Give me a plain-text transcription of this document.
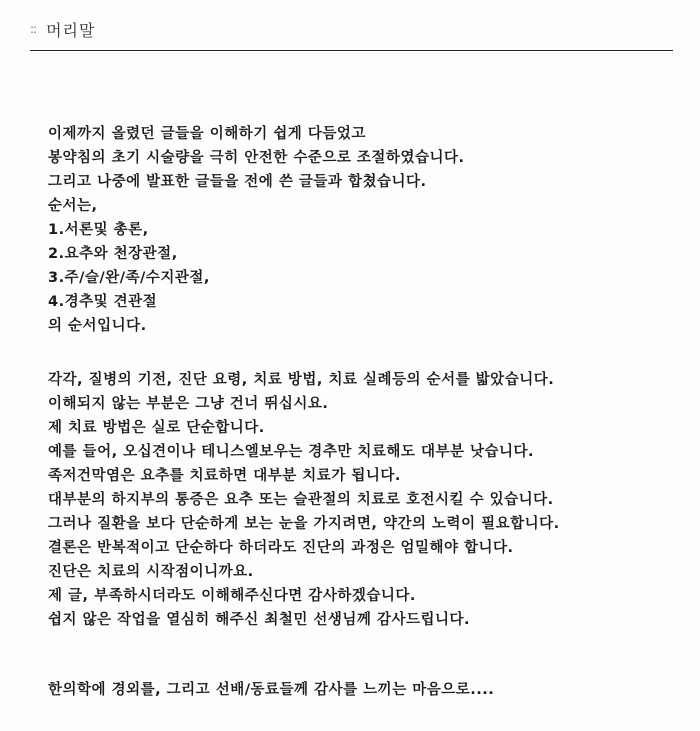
:: 머리말
이제까지 올렸던 글들을 이해하기 쉽게 다듬었고
봉약침의 초기 시술량을 극히 안전한 수준으로 조절하였습니다.
그리고 나중에 발표한 글들을 전에 쓴 글들과 합쳤습니다.
순서는,
1.서론및 총론,
2.요추와 천장관절,
3.주/슬/완/족/수지관절,
4.경추및 견관절
의 순서입니다.
각각, 질병의 기전, 진단 요령, 치료 방법, 치료 실례등의 순서를 밟았습니다.
이해되지 않는 부분은 그냥 건너 뛰십시요.
제 치료 방법은 실로 단순합니다.
예를 들어, 오십견이나 테니스엘보우는 경추만 치료해도 대부분 낫습니다.
족저건막염은 요추를 치료하면 대부분 치료가 됩니다.
대부분의 하지부의 통증은 요추 또는 슬관절의 치료로 호전시킬 수 있습니다.
그러나 질환을 보다 단순하게 보는 눈을 가지려면, 약간의 노력이 필요합니다.
결론은 반복적이고 단순하다 하더라도 진단의 과정은 엄밀해야 합니다.
진단은 치료의 시작점이니까요.
제 글, 부족하시더라도 이해해주신다면 감사하겠습니다.
쉽지 않은 작업을 열심히 해주신 최철민 선생님께 감사드립니다.
한의학에 경외를, 그리고 선배/동료들께 감사를 느끼는 마음으로....
